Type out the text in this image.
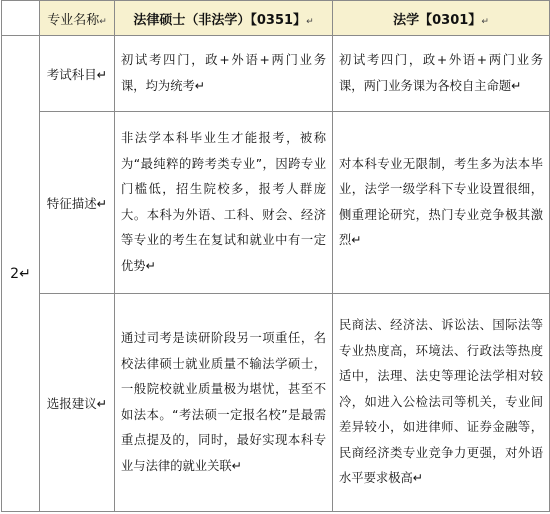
	专业名称↵	法律硕士（非法学）【0351】↵	法学【0301】↵
2↵	考试科目↵	初试考四门，政+外语+两门业务课，均为统考↵	初试考四门，政+外语+两门业务课，两门业务课为各校自主命题↵
	特征描述↵	非法学本科毕业生才能报考，被称为“最纯粹的跨考类专业”，因跨专业门槛低，招生院校多，报考人群庞大。本科为外语、工科、财会、经济等专业的考生在复试和就业中有一定优势↵	对本科专业无限制，考生多为法本毕业，法学一级学科下专业设置很细，侧重理论研究，热门专业竞争极其激烈↵
	选报建议↵	通过司考是读研阶段另一项重任，名校法律硕士就业质量不输法学硕士，一般院校就业质量极为堪忧，甚至不如法本。“考法硕一定报名校”是最需重点提及的，同时，最好实现本科专业与法律的就业关联↵	民商法、经济法、诉讼法、国际法等专业热度高，环境法、行政法等热度适中，法理、法史等理论法学相对较冷，如进入公检法司等机关，专业间差异较小，如进律师、证券金融等，民商经济类专业竞争力更强，对外语水平要求极高↵
